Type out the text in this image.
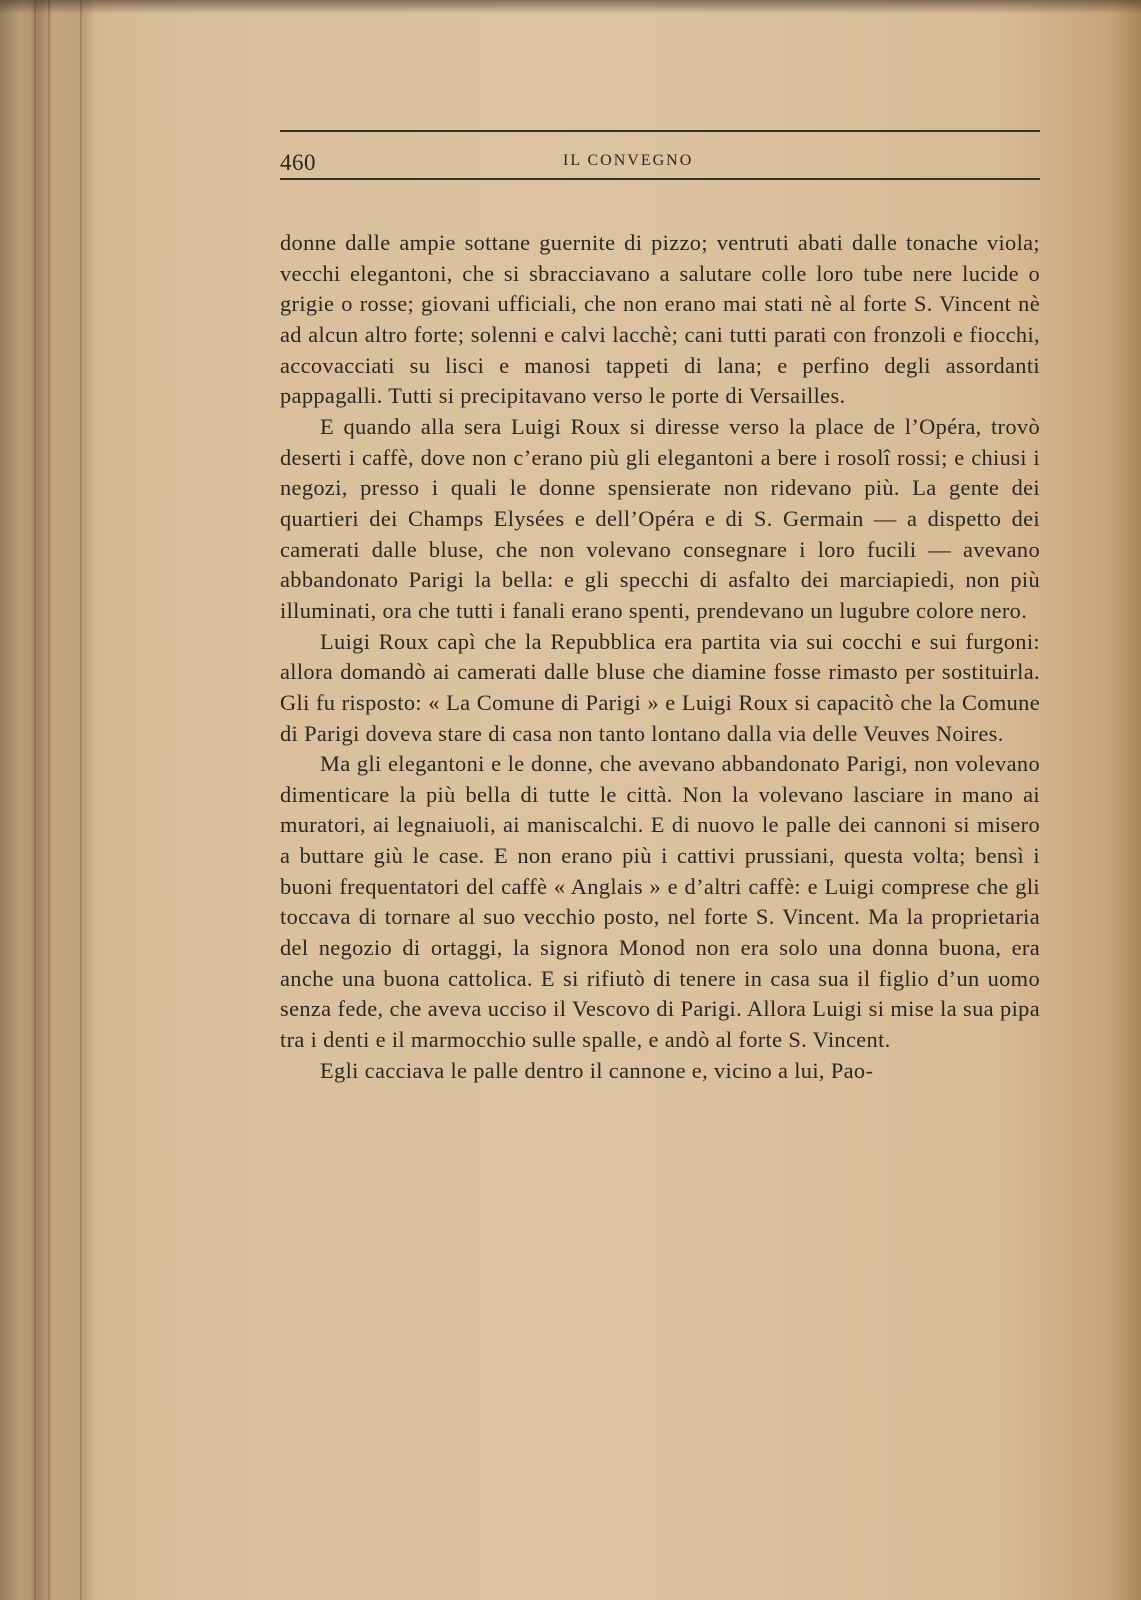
460	IL CONVEGNO

donne dalle ampie sottane guernite di pizzo; ventruti abati dalle tonache viola; vecchi elegantoni, che si sbracciavano a salutare colle loro tube nere lucide o grigie o rosse; giovani ufficiali, che non erano mai stati nè al forte S. Vincent nè ad alcun altro forte; solenni e calvi lacchè; cani tutti parati con fronzoli e fiocchi, accovacciati su lisci e manosi tappeti di lana; e perfino degli assordanti pappagalli. Tutti si precipitavano verso le porte di Versailles.

E quando alla sera Luigi Roux si diresse verso la place de l’Opéra, trovò deserti i caffè, dove non c’erano più gli elegantoni a bere i rosolî rossi; e chiusi i negozi, presso i quali le donne spensierate non ridevano più. La gente dei quartieri dei Champs Elysées e dell’Opéra e di S. Germain — a dispetto dei camerati dalle bluse, che non volevano consegnare i loro fucili — avevano abbandonato Parigi la bella: e gli specchi di asfalto dei marciapiedi, non più illuminati, ora che tutti i fanali erano spenti, prendevano un lugubre colore nero.

Luigi Roux capì che la Repubblica era partita via sui cocchi e sui furgoni: allora domandò ai camerati dalle bluse che diamine fosse rimasto per sostituirla. Gli fu risposto: « La Comune di Parigi » e Luigi Roux si capacitò che la Comune di Parigi doveva stare di casa non tanto lontano dalla via delle Veuves Noires.

Ma gli elegantoni e le donne, che avevano abbandonato Parigi, non volevano dimenticare la più bella di tutte le città. Non la volevano lasciare in mano ai muratori, ai legnaiuoli, ai maniscalchi. E di nuovo le palle dei cannoni si misero a buttare giù le case. E non erano più i cattivi prussiani, questa volta; bensì i buoni frequentatori del caffè « Anglais » e d’altri caffè: e Luigi comprese che gli toccava di tornare al suo vecchio posto, nel forte S. Vincent. Ma la proprietaria del negozio di ortaggi, la signora Monod non era solo una donna buona, era anche una buona cattolica. E si rifiutò di tenere in casa sua il figlio d’un uomo senza fede, che aveva ucciso il Vescovo di Parigi. Allora Luigi si mise la sua pipa tra i denti e il marmocchio sulle spalle, e andò al forte S. Vincent.

Egli cacciava le palle dentro il cannone e, vicino a lui, Pao-
